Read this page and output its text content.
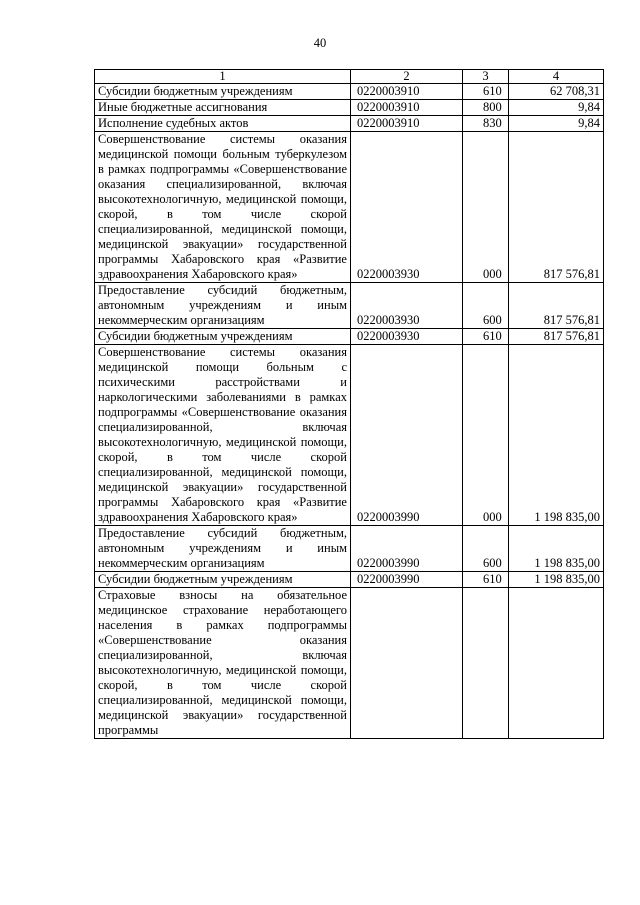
40
1	2	3	4
Субсидии бюджетным учреждениям	0220003910	610	62 708,31
Иные бюджетные ассигнования	0220003910	800	9,84
Исполнение судебных актов	0220003910	830	9,84
Совершенствование системы оказания медицинской помощи больным туберкулезом в рамках подпрограммы «Совершенствование оказания специализированной, включая высокотехнологичную, медицинской помощи, скорой, в том числе скорой специализированной, медицинской помощи, медицинской эвакуации» государственной программы Хабаровского края «Развитие здравоохранения Хабаровского края»	0220003930	000	817 576,81
Предоставление субсидий бюджетным, автономным учреждениям и иным некоммерческим организациям	0220003930	600	817 576,81
Субсидии бюджетным учреждениям	0220003930	610	817 576,81
Совершенствование системы оказания медицинской помощи больным с психическими расстройствами и наркологическими заболеваниями в рамках подпрограммы «Совершенствование оказания специализированной, включая высокотехнологичную, медицинской помощи, скорой, в том числе скорой специализированной, медицинской помощи, медицинской эвакуации» государственной программы Хабаровского края «Развитие здравоохранения Хабаровского края»	0220003990	000	1 198 835,00
Предоставление субсидий бюджетным, автономным учреждениям и иным некоммерческим организациям	0220003990	600	1 198 835,00
Субсидии бюджетным учреждениям	0220003990	610	1 198 835,00
Страховые взносы на обязательное медицинское страхование неработающего населения в рамках подпрограммы «Совершенствование оказания специализированной, включая высокотехнологичную, медицинской помощи, скорой, в том числе скорой специализированной, медицинской помощи, медицинской эвакуации» государственной программы			
